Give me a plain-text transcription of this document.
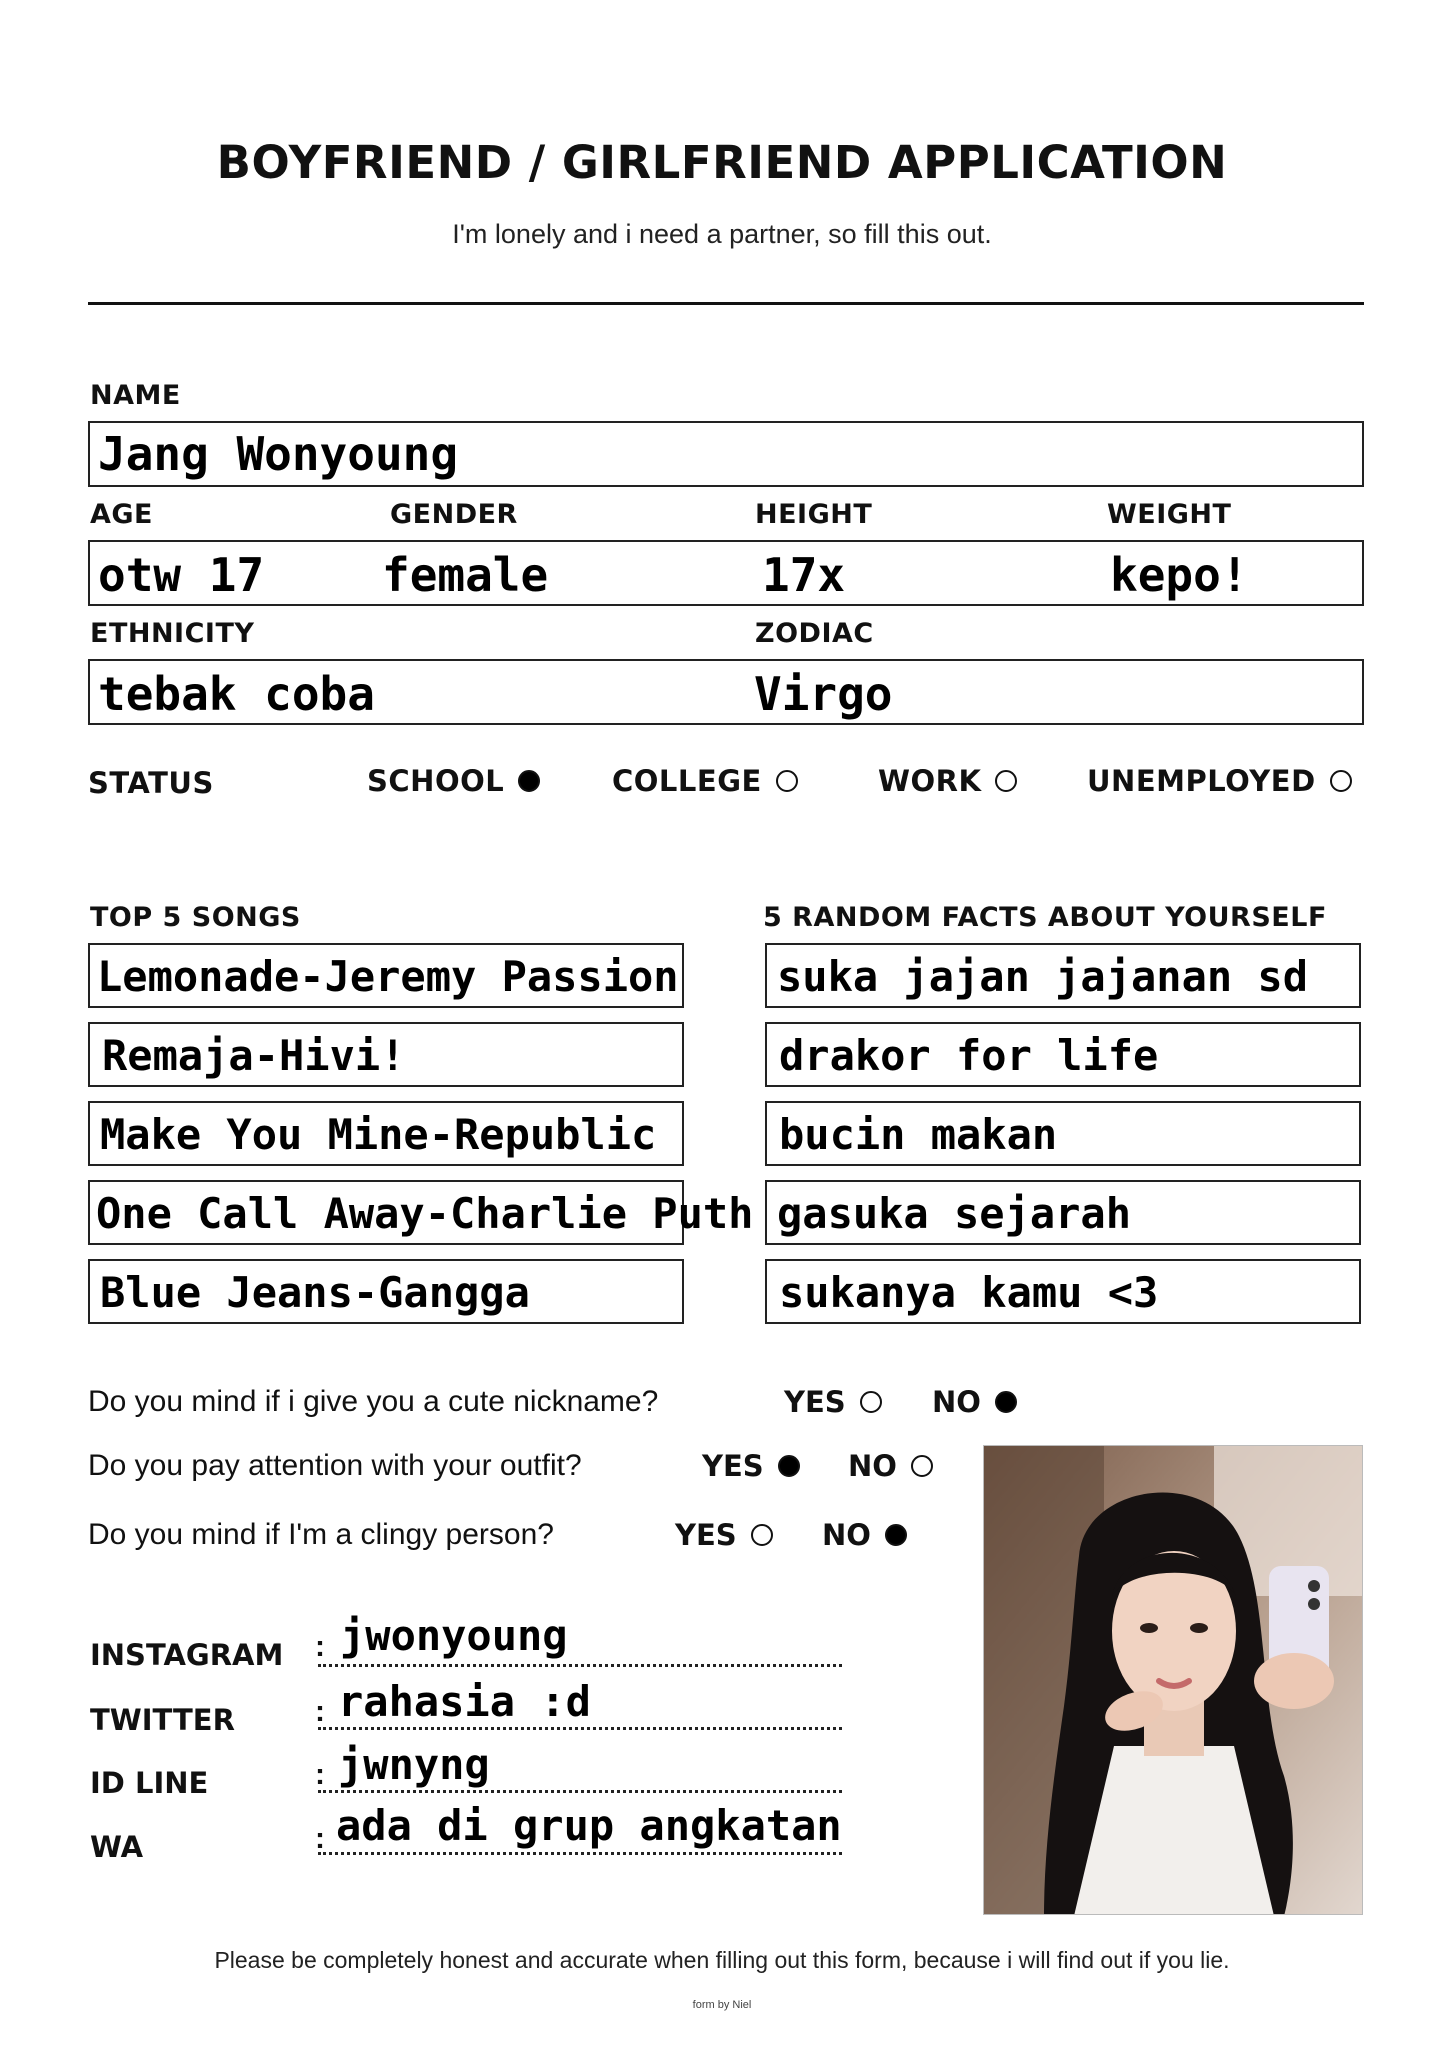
BOYFRIEND / GIRLFRIEND APPLICATION
I'm lonely and i need a partner, so fill this out.
NAME
Jang Wonyoung
AGE	GENDER	HEIGHT	WEIGHT
otw 17	female	17x	kepo!
ETHNICITY	ZODIAC
tebak coba	Virgo
STATUS	SCHOOL	COLLEGE	WORK	UNEMPLOYED
TOP 5 SONGS
Lemonade-Jeremy Passion
Remaja-Hivi!
Make You Mine-Republic
One Call Away-Charlie Puth
Blue Jeans-Gangga
5 RANDOM FACTS ABOUT YOURSELF
suka jajan jajanan sd
drakor for life
bucin makan
gasuka sejarah
sukanya kamu <3
Do you mind if i give you a cute nickname?	YES	NO
Do you pay attention with your outfit?	YES	NO
Do you mind if I'm a clingy person?	YES	NO
INSTAGRAM : jwonyoung
TWITTER	: rahasia :d
ID LINE	: jwnyng
WA	: ada di grup angkatan
Please be completely honest and accurate when filling out this form, because i will find out if you lie.
form by Niel
